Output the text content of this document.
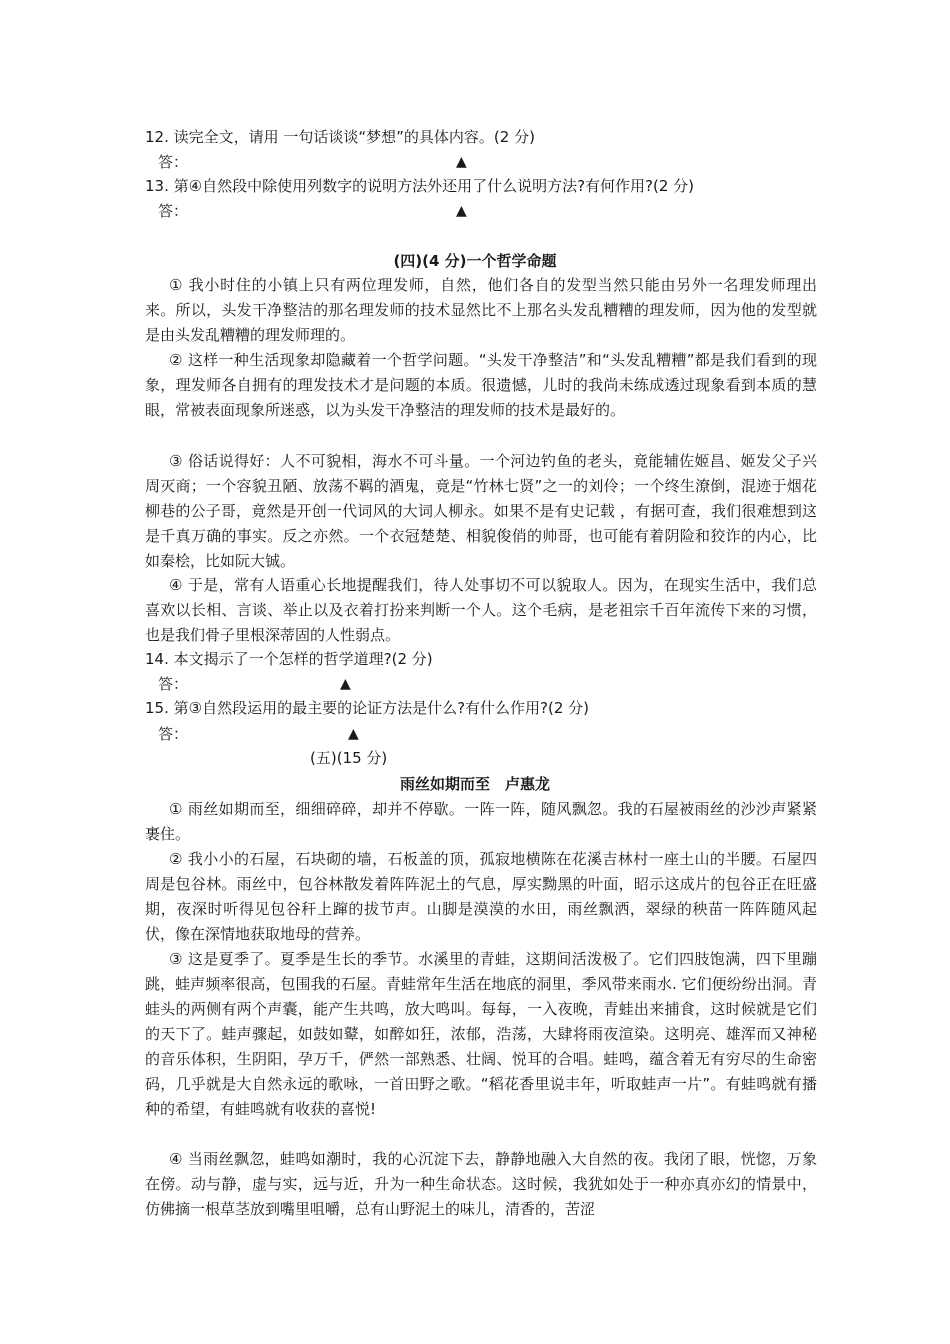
12. 读完全文，请用 一句话谈谈“梦想”的具体内容。(2 分)
答：	▲
13. 第④自然段中除使用列数字的说明方法外还用了什么说明方法?有何作用?(2 分)
答：	▲
(四)(4 分)一个哲学命题

① 我小时住的小镇上只有两位理发师，自然，他们各自的发型当然只能由另外一名理发师理出来。所以，头发干净整洁的那名理发师的技术显然比不上那名头发乱糟糟的理发师，因为他的发型就是由头发乱糟糟的理发师理的。

② 这样一种生活现象却隐藏着一个哲学问题。“头发干净整洁”和“头发乱糟糟”都是我们看到的现象，理发师各自拥有的理发技术才是问题的本质。很遗憾，儿时的我尚未练成透过现象看到本质的慧眼，常被表面现象所迷惑，以为头发干净整洁的理发师的技术是最好的。

③ 俗话说得好：人不可貌相，海水不可斗量。一个河边钓鱼的老头，竟能辅佐姬昌、姬发父子兴周灭商；一个容貌丑陋、放荡不羁的酒鬼，竟是“竹林七贤”之一的刘伶；一个终生潦倒，混迹于烟花柳巷的公子哥，竟然是开创一代词风的大词人柳永。如果不是有史记载 ，有据可查，我们很难想到这是千真万确的事实。反之亦然。一个衣冠楚楚、相貌俊俏的帅哥，也可能有着阴险和狡诈的内心，比如秦桧，比如阮大铖。

④ 于是，常有人语重心长地提醒我们，待人处事切不可以貌取人。因为，在现实生活中，我们总喜欢以长相、言谈、举止以及衣着打扮来判断一个人。这个毛病，是老祖宗千百年流传下来的习惯，也是我们骨子里根深蒂固的人性弱点。

14. 本文揭示了一个怎样的哲学道理?(2 分)
答：	▲
15. 第③自然段运用的最主要的论证方法是什么?有什么作用?(2 分)
答：	▲
(五)(15 分)
雨丝如期而至　卢惠龙

① 雨丝如期而至，细细碎碎，却并不停歇。一阵一阵，随风飘忽。我的石屋被雨丝的沙沙声紧紧裹住。

② 我小小的石屋，石块砌的墙，石板盖的顶，孤寂地横陈在花溪吉林村一座土山的半腰。石屋四周是包谷林。雨丝中，包谷林散发着阵阵泥土的气息，厚实黝黑的叶面，昭示这成片的包谷正在旺盛期，夜深时听得见包谷秆上蹿的拔节声。山脚是漠漠的水田，雨丝飘洒，翠绿的秧苗一阵阵随风起伏，像在深情地获取地母的营养。

③ 这是夏季了。夏季是生长的季节。水溪里的青蛙，这期间活泼极了。它们四肢饱满，四下里蹦跳，蛙声频率很高，包围我的石屋。青蛙常年生活在地底的洞里，季风带来雨水. 它们便纷纷出洞。青蛙头的两侧有两个声囊，能产生共鸣，放大鸣叫。每每，一入夜晚，青蛙出来捕食，这时候就是它们的天下了。蛙声骤起，如鼓如鼙，如醉如狂，浓郁，浩荡，大肆将雨夜渲染。这明亮、雄浑而又神秘的音乐体积，生阴阳，孕万千，俨然一部熟悉、壮阔、悦耳的合唱。蛙鸣，蕴含着无有穷尽的生命密码，几乎就是大自然永远的歌咏，一首田野之歌。“稻花香里说丰年，听取蛙声一片”。有蛙鸣就有播种的希望，有蛙鸣就有收获的喜悦!

④ 当雨丝飘忽，蛙鸣如潮时，我的心沉淀下去，静静地融入大自然的夜。我闭了眼，恍惚，万象在傍。动与静，虚与实，远与近，升为一种生命状态。这时候，我犹如处于一种亦真亦幻的情景中，仿佛摘一根草茎放到嘴里咀嚼，总有山野泥土的味儿，清香的，苦涩
